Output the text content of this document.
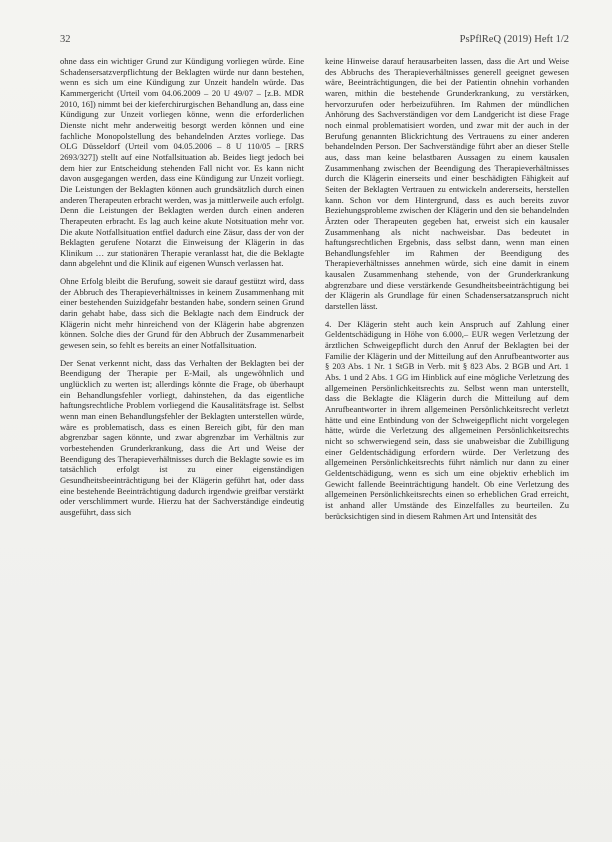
32	PsPflReQ (2019) Heft 1/2

ohne dass ein wichtiger Grund zur Kündigung vorliegen würde. Eine Schadensersatzverpflichtung der Beklagten würde nur dann bestehen, wenn es sich um eine Kündigung zur Unzeit handeln würde. Das Kammergericht (Urteil vom 04.06.2009 – 20 U 49/07 – [z.B. MDR 2010, 16]) nimmt bei der kieferchirurgischen Behandlung an, dass eine Kündigung zur Unzeit vorliegen könne, wenn die erforderlichen Dienste nicht mehr anderweitig besorgt werden können und eine fachliche Monopolstellung des behandelnden Arztes vorliege. Das OLG Düsseldorf (Urteil vom 04.05.2006 – 8 U 110/05 – [RRS 2693/327]) stellt auf eine Notfallsituation ab. Beides liegt jedoch bei dem hier zur Entscheidung stehenden Fall nicht vor. Es kann nicht davon ausgegangen werden, dass eine Kündigung zur Unzeit vorliegt. Die Leistungen der Beklagten können auch grundsätzlich durch einen anderen Therapeuten erbracht werden, was ja mittlerweile auch erfolgt. Denn die Leistungen der Beklagten werden durch einen anderen Therapeuten erbracht. Es lag auch keine akute Notsituation mehr vor. Die akute Notfallsituation entfiel dadurch eine Zäsur, dass der von der Beklagten gerufene Notarzt die Einweisung der Klägerin in das Klinikum … zur stationären Therapie veranlasst hat, die die Beklagte dann abgelehnt und die Klinik auf eigenen Wunsch verlassen hat.

Ohne Erfolg bleibt die Berufung, soweit sie darauf gestützt wird, dass der Abbruch des Therapieverhältnisses in keinem Zusammenhang mit einer bestehenden Suizidgefahr bestanden habe, sondern seinen Grund darin gehabt habe, dass sich die Beklagte nach dem Eindruck der Klägerin nicht mehr hinreichend von der Klägerin habe abgrenzen können. Solche dies der Grund für den Abbruch der Zusammenarbeit gewesen sein, so fehlt es bereits an einer Notfallsituation.

Der Senat verkennt nicht, dass das Verhalten der Beklagten bei der Beendigung der Therapie per E-Mail, als ungewöhnlich und unglücklich zu werten ist; allerdings könnte die Frage, ob überhaupt ein Behandlungsfehler vorliegt, dahinstehen, da das eigentliche haftungsrechtliche Problem vorliegend die Kausalitätsfrage ist. Selbst wenn man einen Behandlungsfehler der Beklagten unterstellen würde, wäre es problematisch, dass es einen Bereich gibt, für den man abgrenzbar sagen könnte, und zwar abgrenzbar im Verhältnis zur vorbestehenden Grunderkrankung, dass die Art und Weise der Beendigung des Therapieverhältnisses durch die Beklagte sowie es im tatsächlich erfolgt ist zu einer eigenständigen Gesundheitsbeeinträchtigung bei der Klägerin geführt hat, oder dass eine bestehende Beeinträchtigung dadurch irgendwie greifbar verstärkt oder verschlimmert wurde. Hierzu hat der Sachverständige eindeutig ausgeführt, dass sich

keine Hinweise darauf herausarbeiten lassen, dass die Art und Weise des Abbruchs des Therapieverhältnisses generell geeignet gewesen wäre, Beeinträchtigungen, die bei der Patientin ohnehin vorhanden waren, mithin die bestehende Grunderkrankung, zu verstärken, hervorzurufen oder herbeizuführen. Im Rahmen der mündlichen Anhörung des Sachverständigen vor dem Landgericht ist diese Frage noch einmal problematisiert worden, und zwar mit der auch in der Berufung genannten Blickrichtung des Vertrauens zu einer anderen behandelnden Person. Der Sachverständige führt aber an dieser Stelle aus, dass man keine belastbaren Aussagen zu einem kausalen Zusammenhang zwischen der Beendigung des Therapieverhältnisses durch die Klägerin einerseits und einer beschädigten Fähigkeit auf Seiten der Beklagten Vertrauen zu entwickeln andererseits, herstellen kann. Schon vor dem Hintergrund, dass es auch bereits zuvor Beziehungsprobleme zwischen der Klägerin und den sie behandelnden Ärzten oder Therapeuten gegeben hat, erweist sich ein kausaler Zusammenhang als nicht nachweisbar. Das bedeutet in haftungsrechtlichen Ergebnis, dass selbst dann, wenn man einen Behandlungsfehler im Rahmen der Beendigung des Therapieverhältnisses annehmen würde, sich eine damit in einem kausalen Zusammenhang stehende, von der Grunderkrankung abgrenzbare und diese verstärkende Gesundheitsbeeinträchtigung bei der Klägerin als Grundlage für einen Schadensersatzanspruch nicht darstellen lässt.

4. Der Klägerin steht auch kein Anspruch auf Zahlung einer Geldentschädigung in Höhe von 6.000,– EUR wegen Verletzung der ärztlichen Schweigepflicht durch den Anruf der Beklagten bei der Familie der Klägerin und der Mitteilung auf den Anrufbeantworter aus § 203 Abs. 1 Nr. 1 StGB in Verb. mit § 823 Abs. 2 BGB und Art. 1 Abs. 1 und 2 Abs. 1 GG im Hinblick auf eine mögliche Verletzung des allgemeinen Persönlichkeitsrechts zu. Selbst wenn man unterstellt, dass die Beklagte die Klägerin durch die Mitteilung auf dem Anrufbeantworter in ihrem allgemeinen Persönlichkeitsrecht verletzt hätte und eine Entbindung von der Schweigepflicht nicht vorgelegen hätte, würde die Verletzung des allgemeinen Persönlichkeitsrechts nicht so schwerwiegend sein, dass sie unabweisbar die Zubilligung einer Geldentschädigung erfordern würde. Der Verletzung des allgemeinen Persönlichkeitsrechts führt nämlich nur dann zu einer Geldentschädigung, wenn es sich um eine objektiv erheblich im Gewicht fallende Beeinträchtigung handelt. Ob eine Verletzung des allgemeinen Persönlichkeitsrechts einen so erheblichen Grad erreicht, ist anhand aller Umstände des Einzelfalles zu beurteilen. Zu berücksichtigen sind in diesem Rahmen Art und Intensität des
